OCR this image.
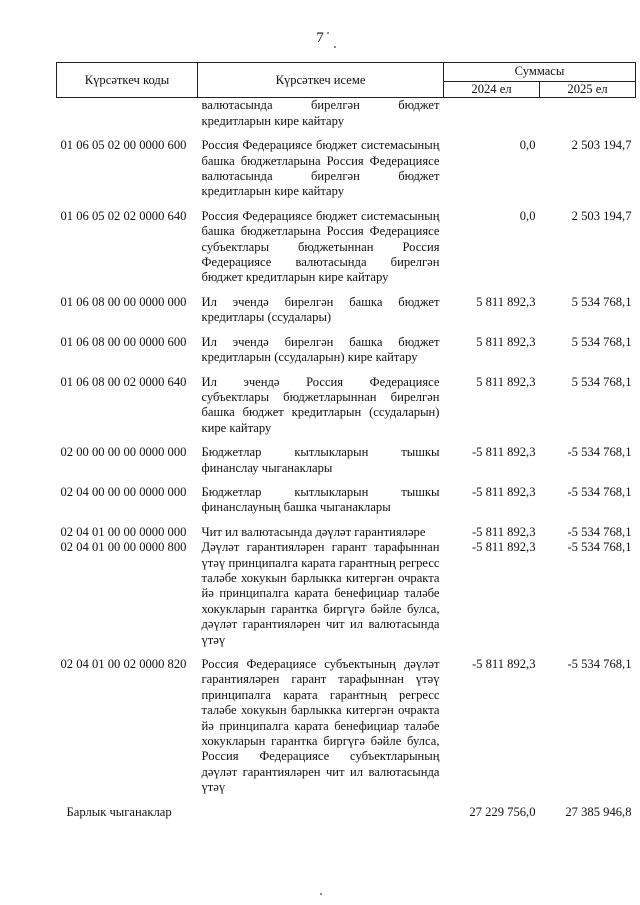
7
Күрсәткеч коды	Күрсәткеч исеме	Суммасы	
		2024 ел	2025 ел
	валютасында бирелгән бюджет кредитларын кире кайтару		
01 06 05 02 00 0000 600	Россия Федерациясе бюджет системасының башка бюджетларына Россия Федерациясе валютасында бирелгән бюджет кредитларын кире кайтару	0,0	2 503 194,7
01 06 05 02 02 0000 640	Россия Федерациясе бюджет системасының башка бюджетларына Россия Федерациясе субъектлары бюджетыннан Россия Федерациясе валютасында бирелгән бюджет кредитларын кире кайтару	0,0	2 503 194,7
01 06 08 00 00 0000 000	Ил эчендә бирелгән башка бюджет кредитлары (ссудалары)	5 811 892,3	5 534 768,1
01 06 08 00 00 0000 600	Ил эчендә бирелгән башка бюджет кредитларын (ссудаларын) кире кайтару	5 811 892,3	5 534 768,1
01 06 08 00 02 0000 640	Ил эчендә Россия Федерациясе субъектлары бюджетларыннан бирелгән башка бюджет кредитларын (ссудаларын) кире кайтару	5 811 892,3	5 534 768,1
02 00 00 00 00 0000 000	Бюджетлар кытлыкларын тышкы финанслау чыганаклары	-5 811 892,3	-5 534 768,1
02 04 00 00 00 0000 000	Бюджетлар кытлыкларын тышкы финанслауның башка чыганаклары	-5 811 892,3	-5 534 768,1
02 04 01 00 00 0000 000	Чит ил валютасында дәүләт гарантияләре	-5 811 892,3	-5 534 768,1
02 04 01 00 00 0000 800	Дәүләт гарантияләрен гарант тарафыннан үтәү принципалга карата гарантның регресс таләбе хокукын барлыкка китергән очракта йә принципалга карата бенефициар таләбе хокукларын гарантка биргүгә бәйле булса, дәүләт гарантияләрен чит ил валютасында үтәү	-5 811 892,3	-5 534 768,1
02 04 01 00 02 0000 820	Россия Федерациясе субъектының дәүләт гарантияләрен гарант тарафыннан үтәү принципалга карата гарантның регресс таләбе хокукын барлыкка китергән очракта йә принципалга карата бенефициар таләбе хокукларын гарантка биргүгә бәйле булса, Россия Федерациясе субъектларының дәүләт гарантияләрен чит ил валютасында үтәү	-5 811 892,3	-5 534 768,1
Барлык чыганаклар		27 229 756,0	27 385 946,8
